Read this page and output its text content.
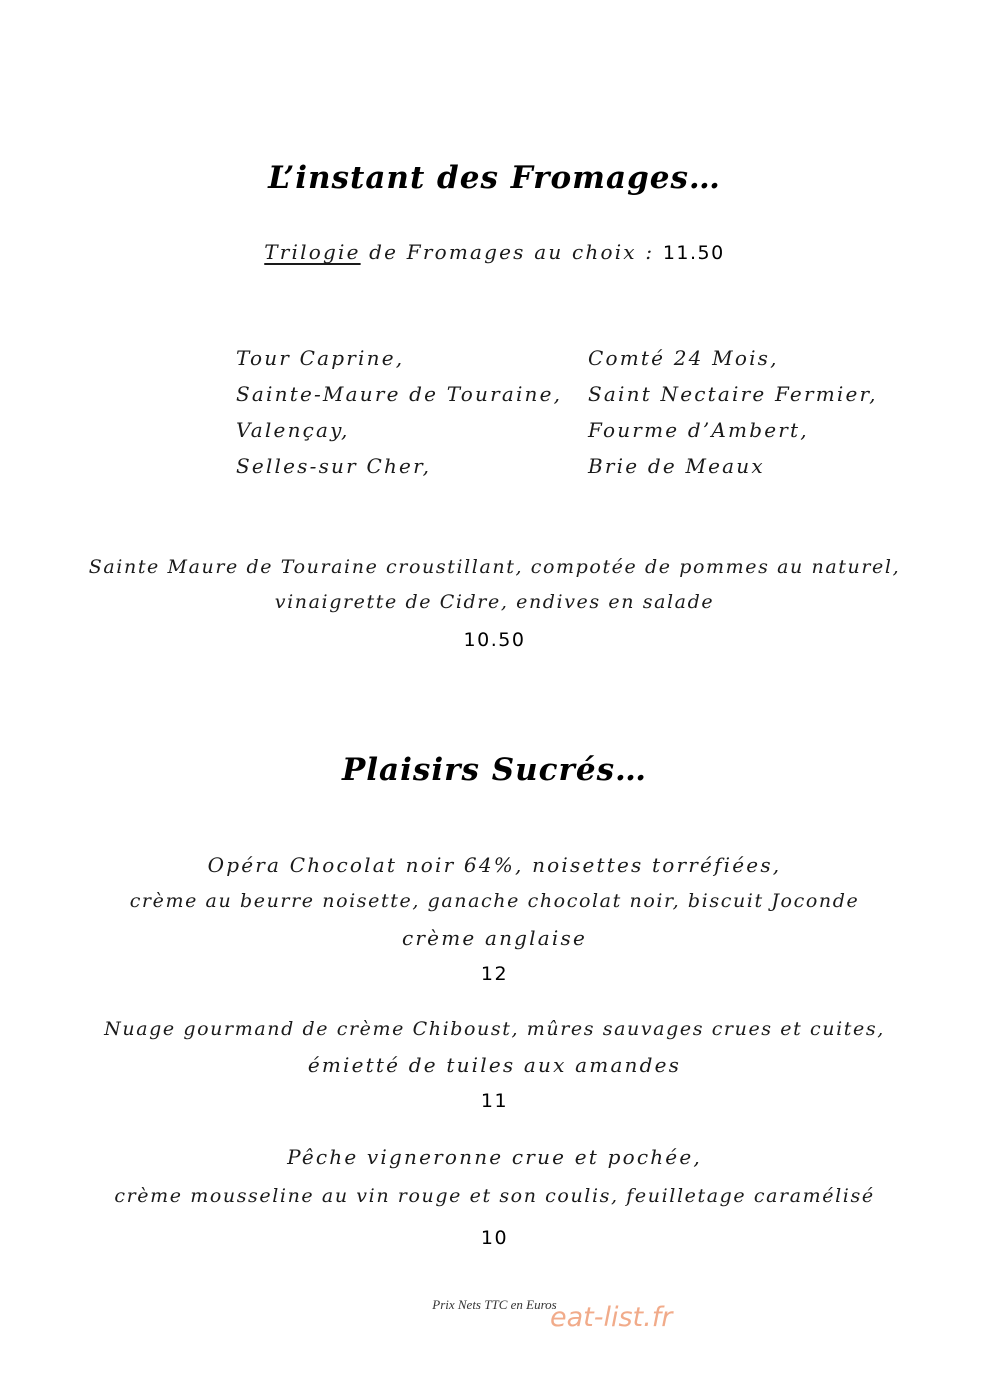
L’instant des Fromages…
Trilogie de Fromages au choix : 11.50
Tour Caprine,
Sainte-Maure de Touraine,
Valençay,
Selles-sur Cher,
Comté 24 Mois,
Saint Nectaire Fermier,
Fourme d’Ambert,
Brie de Meaux
Sainte Maure de Touraine croustillant, compotée de pommes au naturel,
vinaigrette de Cidre, endives en salade
10.50
Plaisirs Sucrés…
Opéra Chocolat noir 64%, noisettes torréfiées,
crème au beurre noisette, ganache chocolat noir, biscuit Joconde
crème anglaise
12
Nuage gourmand de crème Chiboust, mûres sauvages crues et cuites,
émietté de tuiles aux amandes
11
Pêche vigneronne crue et pochée,
crème mousseline au vin rouge et son coulis, feuilletage caramélisé
10
Prix Nets TTC en Euros
eat-list.fr
